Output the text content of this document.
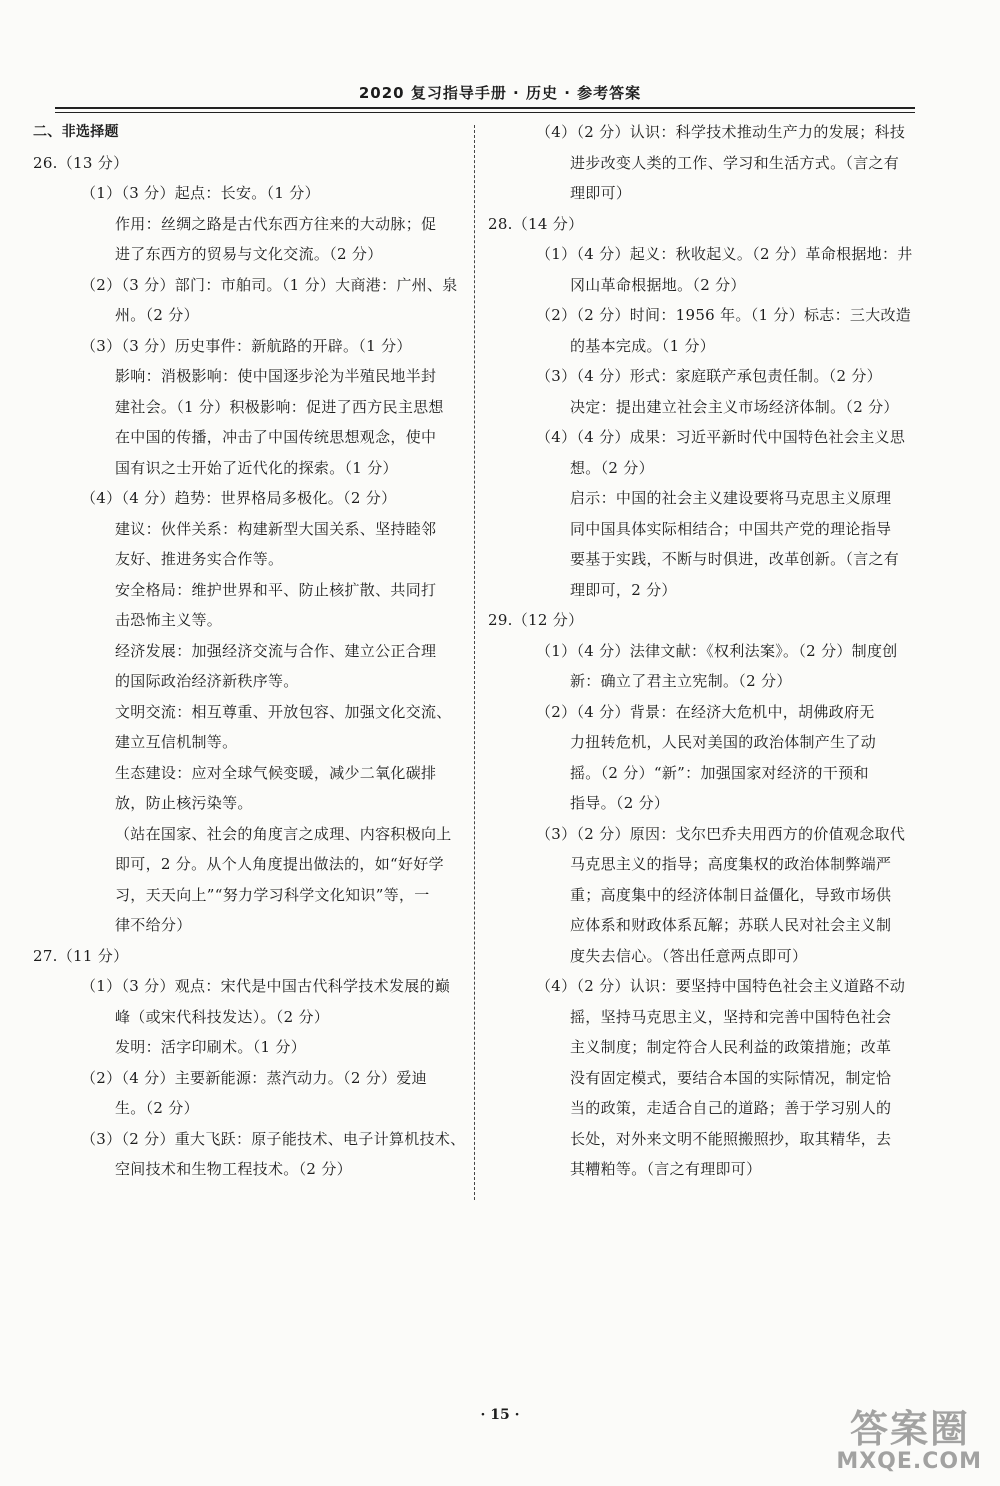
2020 复习指导手册 · 历史 · 参考答案
二、非选择题
26.（13 分）
（1）（3 分）起点：长安。（1 分）
作用：丝绸之路是古代东西方往来的大动脉；促
进了东西方的贸易与文化交流。（2 分）
（2）（3 分）部门：市舶司。（1 分）大商港：广州、泉
州。（2 分）
（3）（3 分）历史事件：新航路的开辟。（1 分）
影响：消极影响：使中国逐步沦为半殖民地半封
建社会。（1 分）积极影响：促进了西方民主思想
在中国的传播，冲击了中国传统思想观念，使中
国有识之士开始了近代化的探索。（1 分）
（4）（4 分）趋势：世界格局多极化。（2 分）
建议：伙伴关系：构建新型大国关系、坚持睦邻
友好、推进务实合作等。
安全格局：维护世界和平、防止核扩散、共同打
击恐怖主义等。
经济发展：加强经济交流与合作、建立公正合理
的国际政治经济新秩序等。
文明交流：相互尊重、开放包容、加强文化交流、
建立互信机制等。
生态建设：应对全球气候变暖，减少二氧化碳排
放，防止核污染等。
（站在国家、社会的角度言之成理、内容积极向上
即可，2 分。从个人角度提出做法的，如“好好学
习，天天向上”“努力学习科学文化知识”等，一
律不给分）
27.（11 分）
（1）（3 分）观点：宋代是中国古代科学技术发展的巅
峰（或宋代科技发达）。（2 分）
发明：活字印刷术。（1 分）
（2）（4 分）主要新能源：蒸汽动力。（2 分）爱迪
生。（2 分）
（3）（2 分）重大飞跃：原子能技术、电子计算机技术、
空间技术和生物工程技术。（2 分）
（4）（2 分）认识：科学技术推动生产力的发展；科技
进步改变人类的工作、学习和生活方式。（言之有
理即可）
28.（14 分）
（1）（4 分）起义：秋收起义。（2 分）革命根据地：井
冈山革命根据地。（2 分）
（2）（2 分）时间：1956 年。（1 分）标志：三大改造
的基本完成。（1 分）
（3）（4 分）形式：家庭联产承包责任制。（2 分）
决定：提出建立社会主义市场经济体制。（2 分）
（4）（4 分）成果：习近平新时代中国特色社会主义思
想。（2 分）
启示：中国的社会主义建设要将马克思主义原理
同中国具体实际相结合；中国共产党的理论指导
要基于实践，不断与时俱进，改革创新。（言之有
理即可，2 分）
29.（12 分）
（1）（4 分）法律文献：《权利法案》。（2 分）制度创
新：确立了君主立宪制。（2 分）
（2）（4 分）背景：在经济大危机中，胡佛政府无
力扭转危机，人民对美国的政治体制产生了动
摇。（2 分）“新”：加强国家对经济的干预和
指导。（2 分）
（3）（2 分）原因：戈尔巴乔夫用西方的价值观念取代
马克思主义的指导；高度集权的政治体制弊端严
重；高度集中的经济体制日益僵化，导致市场供
应体系和财政体系瓦解；苏联人民对社会主义制
度失去信心。（答出任意两点即可）
（4）（2 分）认识：要坚持中国特色社会主义道路不动
摇，坚持马克思主义，坚持和完善中国特色社会
主义制度；制定符合人民利益的政策措施；改革
没有固定模式，要结合本国的实际情况，制定恰
当的政策，走适合自己的道路；善于学习别人的
长处，对外来文明不能照搬照抄，取其精华，去
其糟粕等。（言之有理即可）
· 15 ·	答案圈
MXQE.COM
